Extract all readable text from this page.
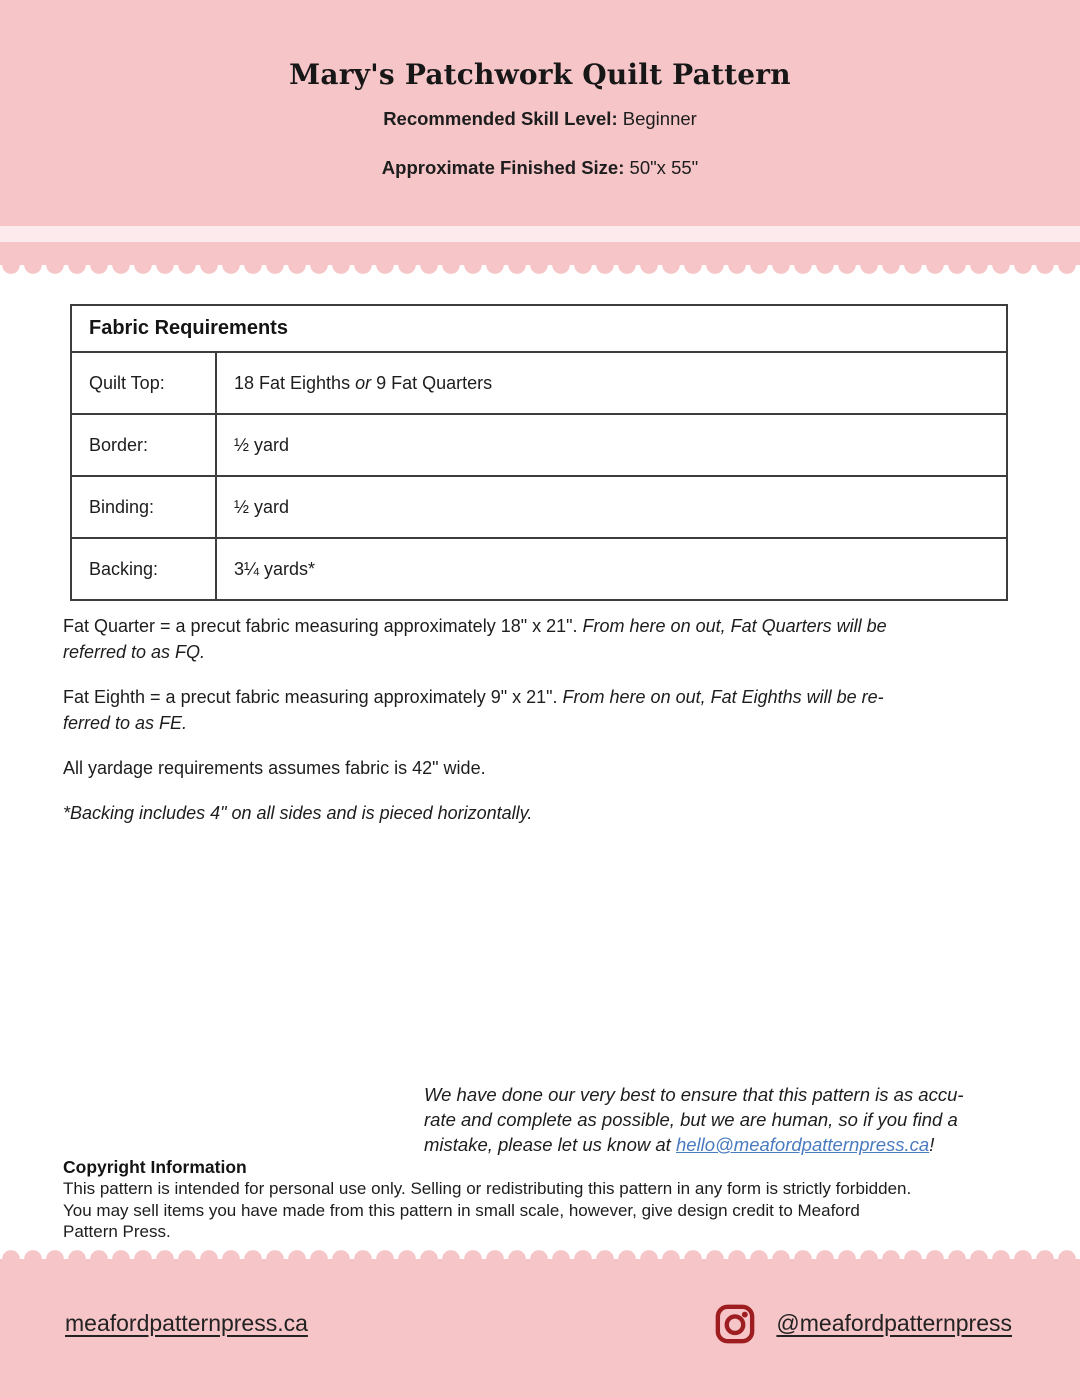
Mary's Patchwork Quilt Pattern

Recommended Skill Level: Beginner

Approximate Finished Size: 50"x 55"

Fabric Requirements	
Quilt Top:	18 Fat Eighths or 9 Fat Quarters
Border:	½ yard
Binding:	½ yard
Backing:	3¼ yards*

Fat Quarter = a precut fabric measuring approximately 18" x 21". From here on out, Fat Quarters will be
referred to as FQ.

Fat Eighth = a precut fabric measuring approximately 9" x 21". From here on out, Fat Eighths will be re-
ferred to as FE.

All yardage requirements assumes fabric is 42" wide.

*Backing includes 4" on all sides and is pieced horizontally.

We have done our very best to ensure that this pattern is as accu-
rate and complete as possible, but we are human, so if you find a
mistake, please let us know at hello@meafordpatternpress.ca!
Copyright Information
This pattern is intended for personal use only. Selling or redistributing this pattern in any form is strictly forbidden.
You may sell items you have made from this pattern in small scale, however, give design credit to Meaford
Pattern Press.
meafordpatternpress.ca	@meafordpatternpress
